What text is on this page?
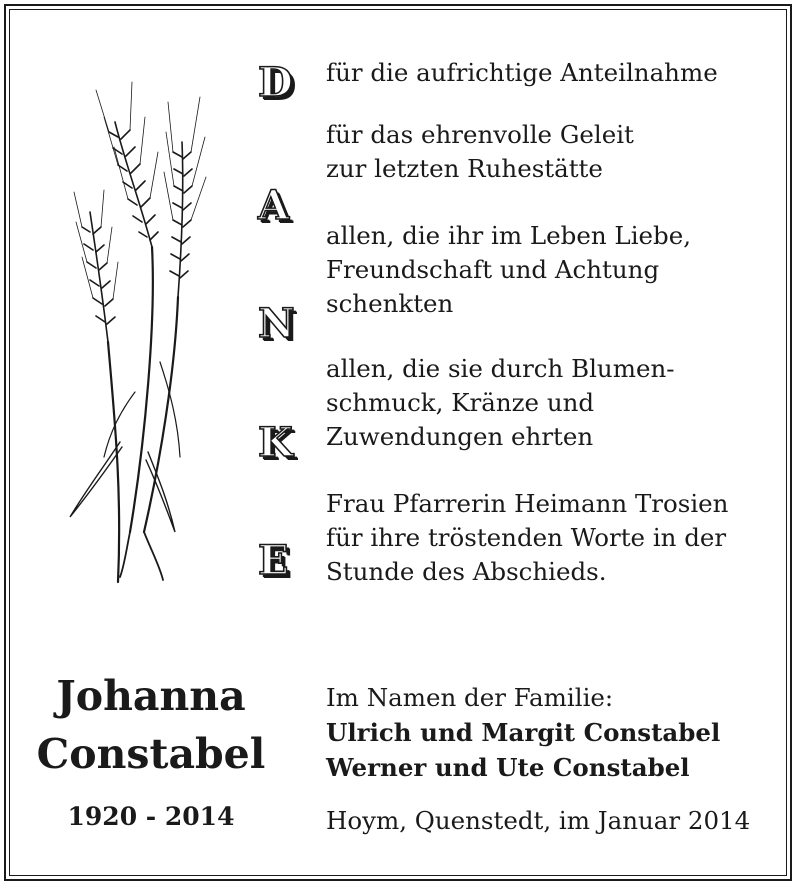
D
A
N
K
E

für die aufrichtige Anteilnahme

für das ehrenvolle Geleit
zur letzten Ruhestätte

allen, die ihr im Leben Liebe,
Freundschaft und Achtung
schenkten

allen, die sie durch Blumen-
schmuck, Kränze und
Zuwendungen ehrten

Frau Pfarrerin Heimann Trosien
für ihre tröstenden Worte in der
Stunde des Abschieds.

Johanna
Constabel
1920 - 2014
Im Namen der Familie:
Ulrich und Margit Constabel
Werner und Ute Constabel
Hoym, Quenstedt, im Januar 2014
